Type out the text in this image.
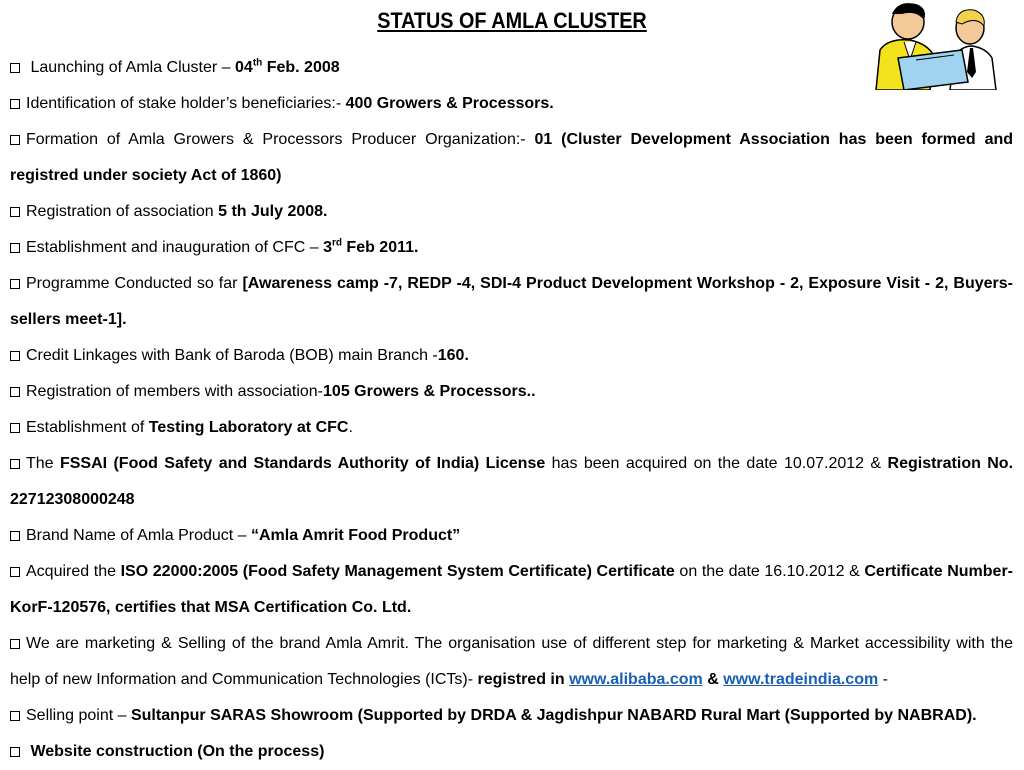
STATUS OF AMLA CLUSTER

Launching of Amla Cluster – 04th Feb. 2008

Identification of stake holder’s beneficiaries:- 400 Growers & Processors.

Formation of Amla Growers & Processors Producer Organization:- 01 (Cluster Development Association has been formed and registred under society Act of 1860)

Registration of association 5 th July 2008.

Establishment and inauguration of CFC – 3rd Feb 2011.

Programme Conducted so far [Awareness camp -7, REDP -4, SDI-4 Product Development Workshop - 2, Exposure Visit - 2, Buyers-sellers meet-1].

Credit Linkages with Bank of Baroda (BOB) main Branch -160.

Registration of members with association-105 Growers & Processors..

Establishment of Testing Laboratory at CFC.

The FSSAI (Food Safety and Standards Authority of India) License has been acquired on the date 10.07.2012 & Registration No. 22712308000248

Brand Name of Amla Product – “Amla Amrit Food Product”

Acquired the ISO 22000:2005 (Food Safety Management System Certificate) Certificate on the date 16.10.2012 & Certificate Number- KorF-120576, certifies that MSA Certification Co. Ltd.

We are marketing & Selling of the brand Amla Amrit. The organisation use of different step for marketing & Market accessibility with the help of new Information and Communication Technologies (ICTs)- registred in www.alibaba.com & www.tradeindia.com -

Selling point – Sultanpur SARAS Showroom (Supported by DRDA & Jagdishpur NABARD Rural Mart (Supported by NABRAD).

Website construction (On the process)
